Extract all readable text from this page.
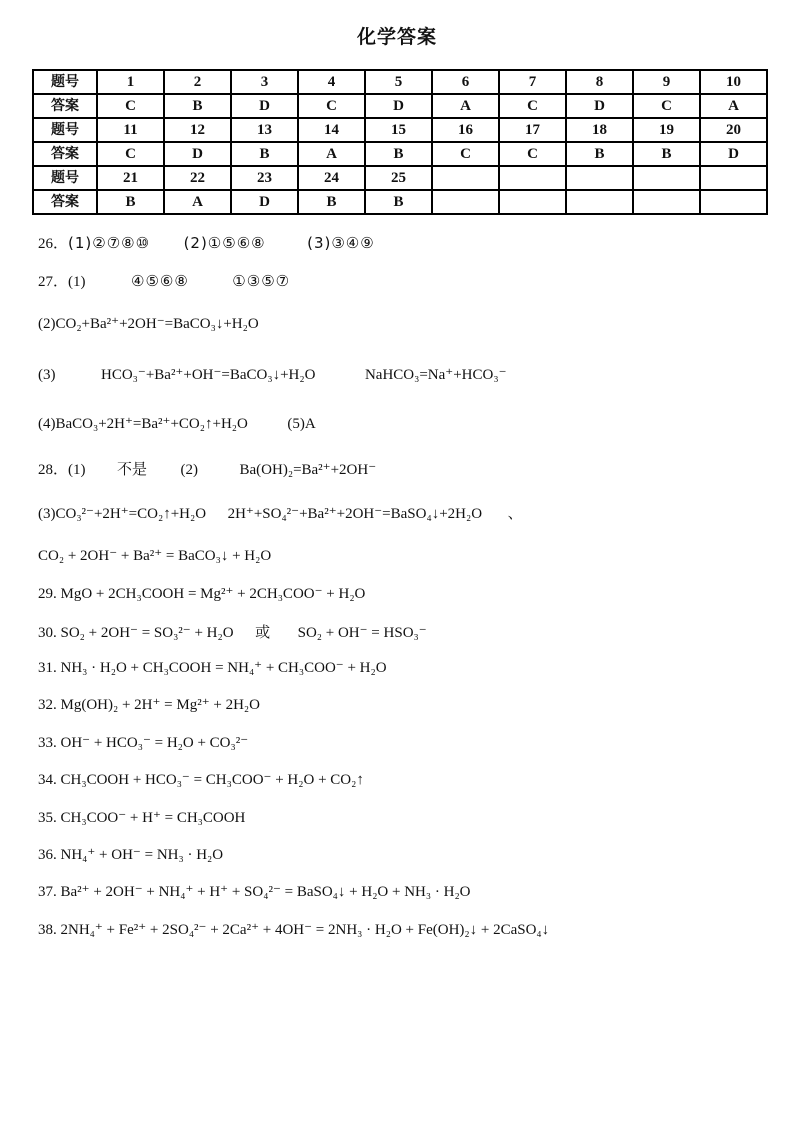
化学答案
题号	1	2	3	4	5	6	7	8	9	10
答案	C	B	D	C	D	A	C	D	C	A
题号	11	12	13	14	15	16	17	18	19	20
答案	C	D	B	A	B	C	C	B	B	D
题号	21	22	23	24	25					
答案	B	A	D	B	B					
26．(1)②⑦⑧⑩ (2)①⑤⑥⑧	(3)③④⑨
27．(1)	④⑤⑥⑧	①③⑤⑦
(2)CO₂+Ba²⁺+2OH⁻=BaCO₃↓+H₂O
(3)	HCO₃⁻+Ba²⁺+OH⁻=BaCO₃↓+H₂O	NaHCO₃=Na⁺+HCO₃⁻
(4)BaCO₃+2H⁺=Ba²⁺+CO₂↑+H₂O	(5)A
28．(1) 不是 (2)	Ba(OH)₂=Ba²⁺+2OH⁻
(3)CO₃²⁻+2H⁺=CO₂↑+H₂O 2H⁺+SO₄²⁻+Ba²⁺+2OH⁻=BaSO₄↓+2H₂O 、
CO₂ + 2OH⁻ + Ba²⁺ = BaCO₃↓ + H₂O
29. MgO + 2CH₃COOH = Mg²⁺ + 2CH₃COO⁻ + H₂O
30. SO₂ + 2OH⁻ = SO₃²⁻ + H₂O 或 SO₂ + OH⁻ = HSO₃⁻
31. NH₃ · H₂O + CH₃COOH = NH₄⁺ + CH₃COO⁻ + H₂O
32. Mg(OH)₂ + 2H⁺ = Mg²⁺ + 2H₂O
33. OH⁻ + HCO₃⁻ = H₂O + CO₃²⁻
34. CH₃COOH + HCO₃⁻ = CH₃COO⁻ + H₂O + CO₂↑
35. CH₃COO⁻ + H⁺ = CH₃COOH
36. NH₄⁺ + OH⁻ = NH₃ · H₂O
37. Ba²⁺ + 2OH⁻ + NH₄⁺ + H⁺ + SO₄²⁻ = BaSO₄↓ + H₂O + NH₃ · H₂O
38. 2NH₄⁺ + Fe²⁺ + 2SO₄²⁻ + 2Ca²⁺ + 4OH⁻ = 2NH₃ · H₂O + Fe(OH)₂↓ + 2CaSO₄↓
